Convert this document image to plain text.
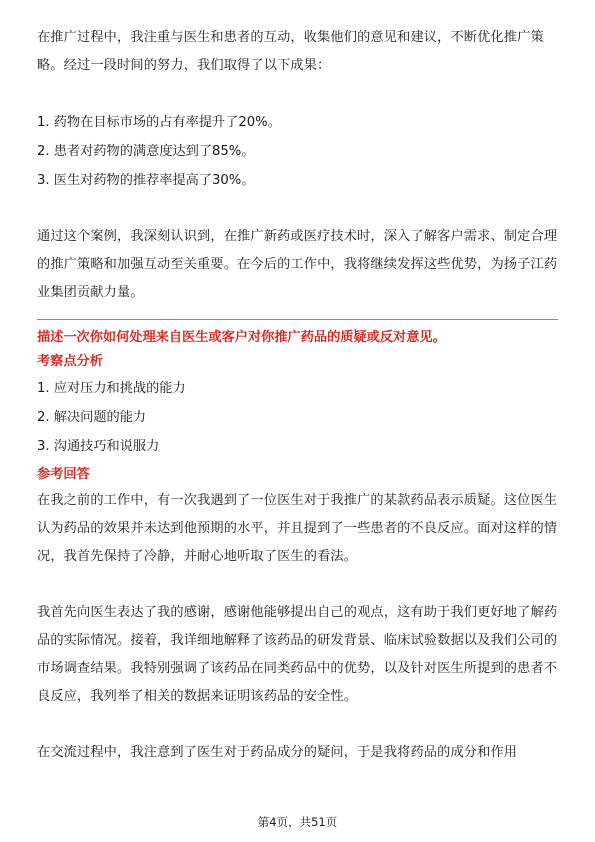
在推广过程中，我注重与医生和患者的互动，收集他们的意见和建议，不断优化推广策略。经过一段时间的努力，我们取得了以下成果：

1. 药物在目标市场的占有率提升了20%。

2. 患者对药物的满意度达到了85%。

3. 医生对药物的推荐率提高了30%。

通过这个案例，我深刻认识到，在推广新药或医疗技术时，深入了解客户需求、制定合理的推广策略和加强互动至关重要。在今后的工作中，我将继续发挥这些优势，为扬子江药业集团贡献力量。

描述一次你如何处理来自医生或客户对你推广药品的质疑或反对意见。

考察点分析

1. 应对压力和挑战的能力

2. 解决问题的能力

3. 沟通技巧和说服力

参考回答

在我之前的工作中，有一次我遇到了一位医生对于我推广的某款药品表示质疑。这位医生认为药品的效果并未达到他预期的水平，并且提到了一些患者的不良反应。面对这样的情况，我首先保持了冷静，并耐心地听取了医生的看法。

我首先向医生表达了我的感谢，感谢他能够提出自己的观点，这有助于我们更好地了解药品的实际情况。接着，我详细地解释了该药品的研发背景、临床试验数据以及我们公司的市场调查结果。我特别强调了该药品在同类药品中的优势，以及针对医生所提到的患者不良反应，我列举了相关的数据来证明该药品的安全性。

在交流过程中，我注意到了医生对于药品成分的疑问，于是我将药品的成分和作用

第4页，共51页
